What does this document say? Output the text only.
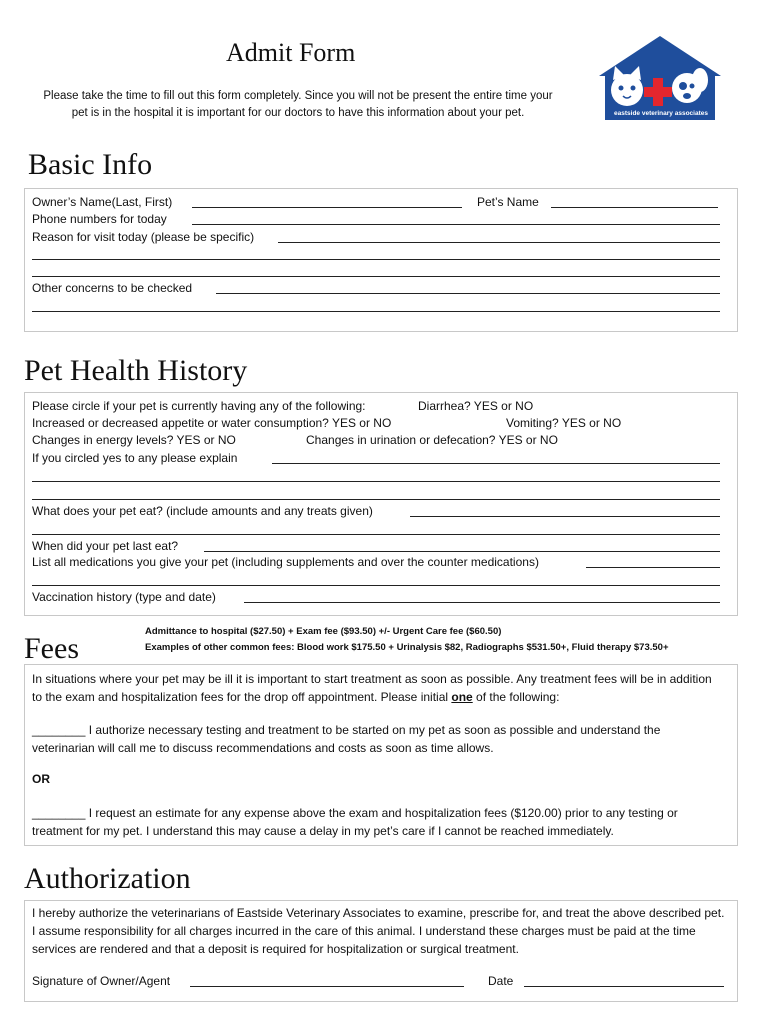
Admit Form
Please take the time to fill out this form completely. Since you will not be present the entire time your pet is in the hospital it is important for our doctors to have this information about your pet.	eastside veterinary associates
Basic Info
Owner’s Name(Last, First)	Pet’s Name
Phone numbers for today
Reason for visit today (please be specific)
Other concerns to be checked
Pet Health History
Please circle if your pet is currently having any of the following:	Diarrhea? YES or NO
Increased or decreased appetite or water consumption? YES or NO	Vomiting? YES or NO
Changes in energy levels? YES or NO	Changes in urination or defecation? YES or NO
If you circled yes to any please explain
What does your pet eat? (include amounts and any treats given)
When did your pet last eat?
List all medications you give your pet (including supplements and over the counter medications)
Vaccination history (type and date)
Fees
Admittance to hospital ($27.50) + Exam fee ($93.50) +/- Urgent Care fee ($60.50)
Examples of other common fees: Blood work $175.50 + Urinalysis $82, Radiographs $531.50+, Fluid therapy $73.50+
In situations where your pet may be ill it is important to start treatment as soon as possible. Any treatment fees will be in addition to the exam and hospitalization fees for the drop off appointment. Please initial one of the following:
________ I authorize necessary testing and treatment to be started on my pet as soon as possible and understand the veterinarian will call me to discuss recommendations and costs as soon as time allows.
OR
________ I request an estimate for any expense above the exam and hospitalization fees ($120.00) prior to any testing or treatment for my pet. I understand this may cause a delay in my pet’s care if I cannot be reached immediately.
Authorization
I hereby authorize the veterinarians of Eastside Veterinary Associates to examine, prescribe for, and treat the above described pet. I assume responsibility for all charges incurred in the care of this animal. I understand these charges must be paid at the time services are rendered and that a deposit is required for hospitalization or surgical treatment.
Signature of Owner/Agent	Date
